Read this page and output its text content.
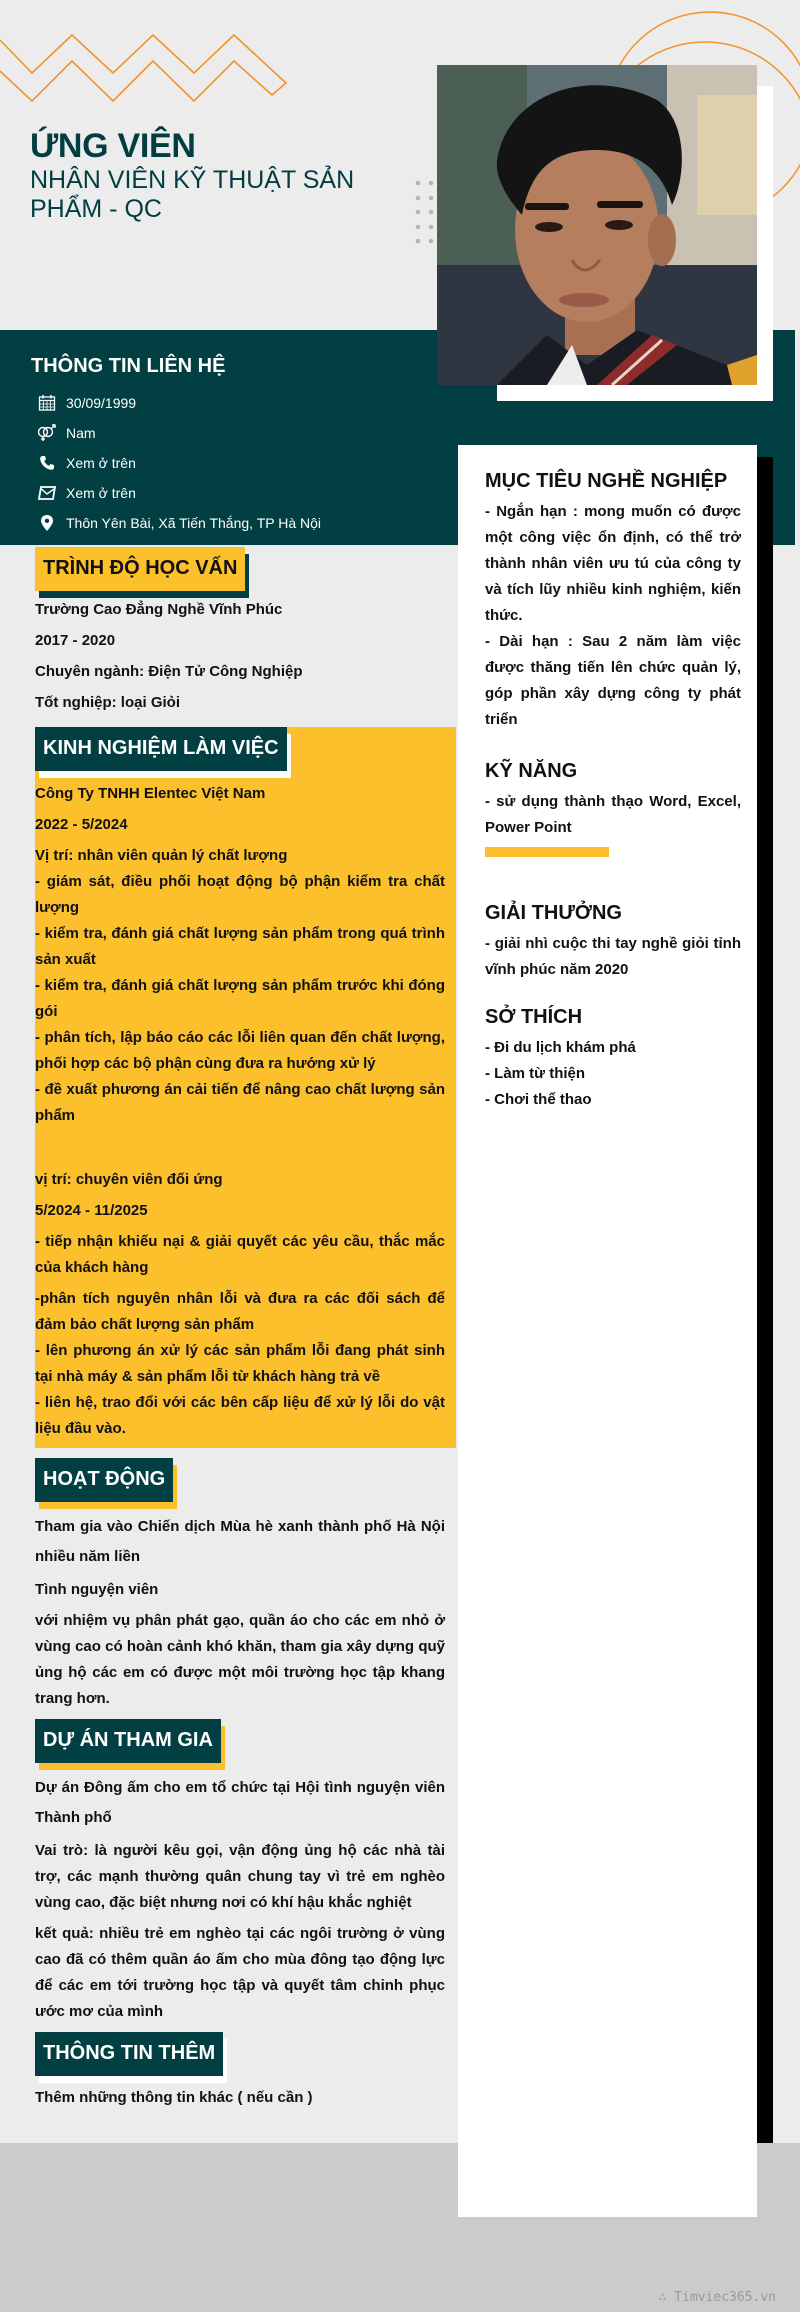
ỨNG VIÊN
NHÂN VIÊN KỸ THUẬT SẢN PHẨM - QC
THÔNG TIN LIÊN HỆ
30/09/1999
Nam
Xem ở trên
Xem ở trên
Thôn Yên Bài, Xã Tiến Thắng, TP Hà Nội
MỤC TIÊU NGHỀ NGHIỆP

- Ngắn hạn : mong muốn có được một công việc ổn định, có thể trở thành nhân viên ưu tú của công ty và tích lũy nhiều kinh nghiệm, kiến thức.

- Dài hạn : Sau 2 năm làm việc được thăng tiến lên chức quản lý, góp phần xây dựng công ty phát triển

KỸ NĂNG

- sử dụng thành thạo Word, Excel, Power Point

GIẢI THƯỞNG

- giải nhì cuộc thi tay nghề giỏi tỉnh vĩnh phúc năm 2020

SỞ THÍCH

- Đi du lịch khám phá

- Làm từ thiện

- Chơi thể thao

TRÌNH ĐỘ HỌC VẤN

Trường Cao Đẳng Nghề Vĩnh Phúc

2017 - 2020

Chuyên ngành: Điện Tử Công Nghiệp

Tốt nghiệp: loại Giỏi

KINH NGHIỆM LÀM VIỆC

Công Ty TNHH Elentec Việt Nam

2022 - 5/2024

Vị trí: nhân viên quản lý chất lượng

- giám sát, điều phối hoạt động bộ phận kiểm tra chất lượng

- kiểm tra, đánh giá chất lượng sản phẩm trong quá trình sản xuất

- kiểm tra, đánh giá chất lượng sản phẩm trước khi đóng gói

- phân tích, lập báo cáo các lỗi liên quan đến chất lượng, phối hợp các bộ phận cùng đưa ra hướng xử lý

- đề xuất phương án cải tiến để nâng cao chất lượng sản phẩm

vị trí: chuyên viên đối ứng

5/2024 - 11/2025

- tiếp nhận khiếu nại & giải quyết các yêu cầu, thắc mắc của khách hàng

-phân tích nguyên nhân lỗi và đưa ra các đối sách để đảm bảo chất lượng sản phẩm

- lên phương án xử lý các sản phẩm lỗi đang phát sinh tại nhà máy & sản phẩm lỗi từ khách hàng trả về

- liên hệ, trao đổi với các bên cấp liệu để xử lý lỗi do vật liệu đầu vào.

HOẠT ĐỘNG

Tham gia vào Chiến dịch Mùa hè xanh thành phố Hà Nội nhiều năm liền

Tình nguyện viên

với nhiệm vụ phân phát gạo, quần áo cho các em nhỏ ở vùng cao có hoàn cảnh khó khăn, tham gia xây dựng quỹ ủng hộ các em có được một môi trường học tập khang trang hơn.

DỰ ÁN THAM GIA

Dự án Đông ấm cho em tổ chức tại Hội tình nguyện viên Thành phố

Vai trò: là người kêu gọi, vận động ủng hộ các nhà tài trợ, các mạnh thường quân chung tay vì trẻ em nghèo vùng cao, đặc biệt nhưng nơi có khí hậu khắc nghiệt

kết quả: nhiều trẻ em nghèo tại các ngôi trường ở vùng cao đã có thêm quần áo ấm cho mùa đông tạo động lực để các em tới trường học tập và quyết tâm chinh phục ước mơ của mình

THÔNG TIN THÊM

Thêm những thông tin khác ( nếu cần )

∴ Timviec365.vn
